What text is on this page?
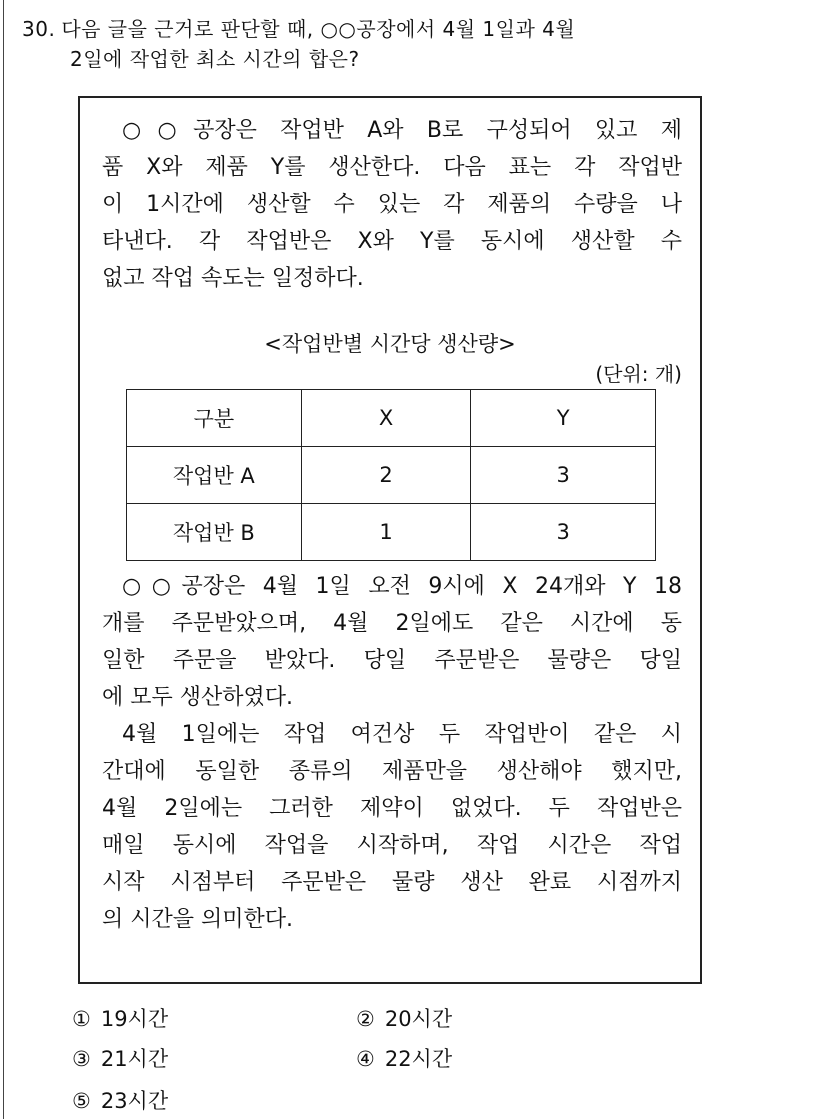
30. 다음 글을 근거로 판단할 때, ○○공장에서 4월 1일과 4월
2일에 작업한 최소 시간의 합은?
○○공장은 작업반 A와 B로 구성되어 있고 제
품 X와 제품 Y를 생산한다. 다음 표는 각 작업반
이 1시간에 생산할 수 있는 각 제품의 수량을 나
타낸다. 각 작업반은 X와 Y를 동시에 생산할 수
없고 작업 속도는 일정하다.
<작업반별 시간당 생산량>
(단위: 개)
구분	X	Y
작업반 A	2	3
작업반 B	1	3
○○공장은 4월 1일 오전 9시에 X 24개와 Y 18
개를 주문받았으며, 4월 2일에도 같은 시간에 동
일한 주문을 받았다. 당일 주문받은 물량은 당일
에 모두 생산하였다.
4월 1일에는 작업 여건상 두 작업반이 같은 시
간대에 동일한 종류의 제품만을 생산해야 했지만,
4월 2일에는 그러한 제약이 없었다. 두 작업반은
매일 동시에 작업을 시작하며, 작업 시간은 작업
시작 시점부터 주문받은 물량 생산 완료 시점까지
의 시간을 의미한다.
① 19시간	② 20시간
③ 21시간	④ 22시간
⑤ 23시간
